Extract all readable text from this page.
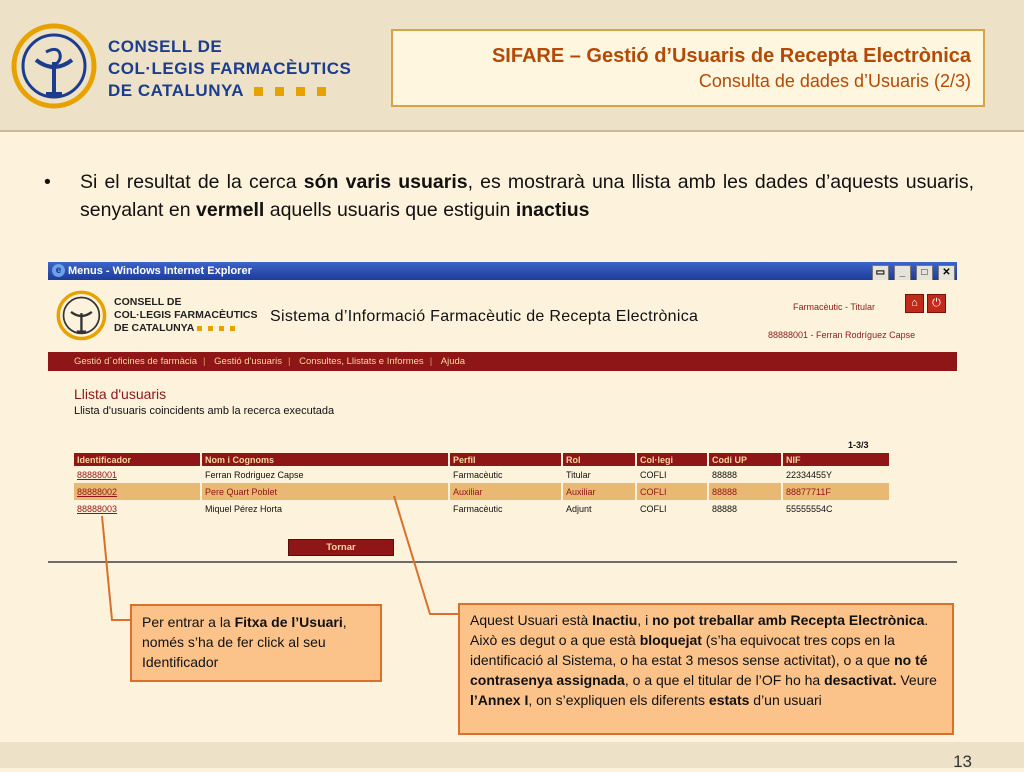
CONSELL DE
COL·LEGIS FARMACÈUTICS
DE CATALUNYA
SIFARE – Gestió d’Usuaris de Recepta Electrònica
Consulta de dades d’Usuaris (2/3)
• Si el resultat de la cerca són varis usuaris, es mostrarà una llista amb les dades d’aquests usuaris, senyalant en vermell aquells usuaris que estiguin inactius
e Menus - Windows Internet Explorer	▭ _ □ ✕
CONSELL DE
COL·LEGIS FARMACÈUTICS
DE CATALUNYA
Sistema d’Informació Farmacèutic de Recepta Electrònica
Farmacèutic - Titular
88888001 - Ferran Rodríguez Capse
⌂	⏻
Gestió d´oficines de farmàcia | Gestió d'usuaris | Consultes, Llistats e Informes | Ajuda
Llista d'usuaris
Llista d'usuaris coincidents amb la recerca executada
1-3/3
Identificador	Nom i Cognoms	Perfil	Rol	Col·legi	Codi UP	NIF
88888001	Ferran Rodriguez Capse	Farmacèutic	Titular	COFLI	88888	22334455Y
88888002	Pere Quart Poblet	Auxiliar	Auxiliar	COFLI	88888	88877711F
88888003	Miquel Pérez Horta	Farmacèutic	Adjunt	COFLI	88888	55555554C
Tornar
Per entrar a la Fitxa de l’Usuari, només s’ha de fer click al seu Identificador
Aquest Usuari està Inactiu, i no pot treballar amb Recepta Electrònica. Això es degut o a que està bloquejat (s’ha equivocat tres cops en la identificació al Sistema, o ha estat 3 mesos sense activitat), o a que no té contrasenya assignada, o a que el titular de l’OF ho ha desactivat. Veure l’Annex I, on s’expliquen els diferents estats d’un usuari
13
